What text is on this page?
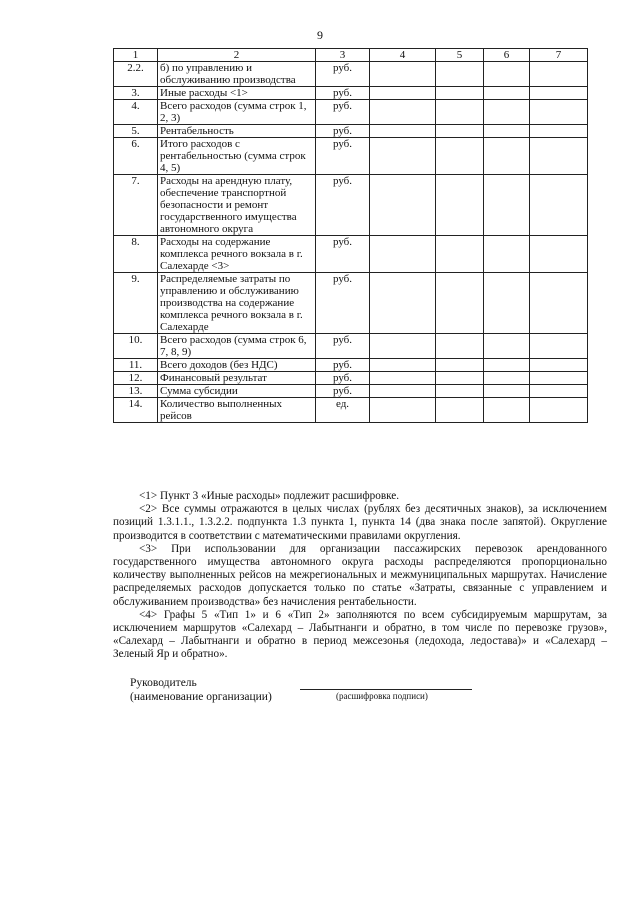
9
1	2	3	4	5	6	7
2.2.	б) по управлению и обслуживанию производства	руб.				
3.	Иные расходы <1>	руб.				
4.	Всего расходов (сумма строк 1, 2, 3)	руб.				
5.	Рентабельность	руб.				
6.	Итого расходов с рентабельностью (сумма строк 4, 5)	руб.				
7.	Расходы на арендную плату, обеспечение транспортной безопасности и ремонт государственного имущества автономного округа	руб.				
8.	Расходы на содержание комплекса речного вокзала в г. Салехарде <3>	руб.				
9.	Распределяемые затраты по управлению и обслуживанию производства на содержание комплекса речного вокзала в г. Салехарде	руб.				
10.	Всего расходов (сумма строк 6, 7, 8, 9)	руб.				
11.	Всего доходов (без НДС)	руб.				
12.	Финансовый результат	руб.				
13.	Сумма субсидии	руб.				
14.	Количество выполненных рейсов	ед.				

<1> Пункт 3 «Иные расходы» подлежит расшифровке.

<2> Все суммы отражаются в целых числах (рублях без десятичных знаков), за исключением позиций 1.3.1.1., 1.3.2.2. подпункта 1.3 пункта 1, пункта 14 (два знака после запятой). Округление производится в соответствии с математическими правилами округления.

<3> При использовании для организации пассажирских перевозок арендованного государственного имущества автономного округа расходы распределяются пропорционально количеству выполненных рейсов на межрегиональных и межмуниципальных маршрутах. Начисление распределяемых расходов допускается только по статье «Затраты, связанные с управлением и обслуживанием производства» без начисления рентабельности.

<4> Графы 5 «Тип 1» и 6 «Тип 2» заполняются по всем субсидируемым маршрутам, за исключением маршрутов «Салехард – Лабытнанги и обратно, в том числе по перевозке грузов», «Салехард – Лабытнанги и обратно в период межсезонья (ледохода, ледостава)» и «Салехард – Зеленый Яр и обратно».

Руководитель
(наименование организации)	(расшифровка подписи)
